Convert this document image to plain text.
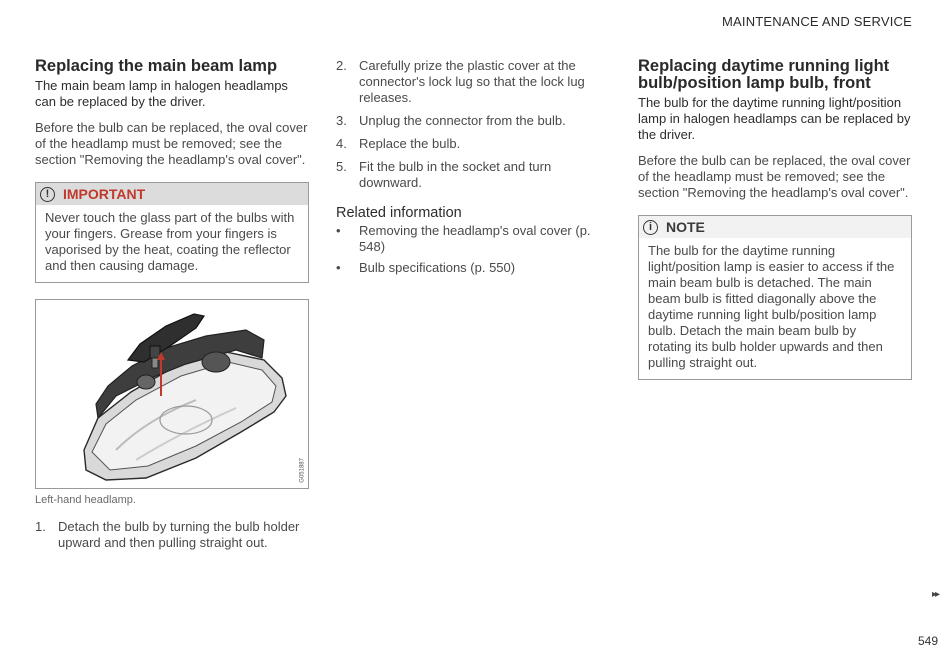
MAINTENANCE AND SERVICE
Replacing the main beam lamp

The main beam lamp in halogen headlamps can be replaced by the driver.

Before the bulb can be replaced, the oval cover of the headlamp must be removed; see the section "Removing the headlamp's oval cover".

! IMPORTANT

Never touch the glass part of the bulbs with your fingers. Grease from your fingers is vaporised by the heat, coating the reflector and then causing damage.

G051887
Left-hand headlamp.
1. Detach the bulb by turning the bulb holder upward and then pulling straight out.
2. Carefully prize the plastic cover at the connector's lock lug so that the lock lug releases.
3. Unplug the connector from the bulb.
4. Replace the bulb.
5. Fit the bulb in the socket and turn downward.
Related information
•	Removing the headlamp's oval cover (p. 548)
•	Bulb specifications (p. 550)
Replacing daytime running light bulb/position lamp bulb, front

The bulb for the daytime running light/position lamp in halogen headlamps can be replaced by the driver.

Before the bulb can be replaced, the oval cover of the headlamp must be removed; see the section "Removing the headlamp's oval cover".

i NOTE

The bulb for the daytime running light/position lamp is easier to access if the main beam bulb is detached. The main beam bulb is fitted diagonally above the daytime running light bulb/position lamp bulb. Detach the main beam bulb by rotating its bulb holder upwards and then pulling straight out.

▸▸
549
